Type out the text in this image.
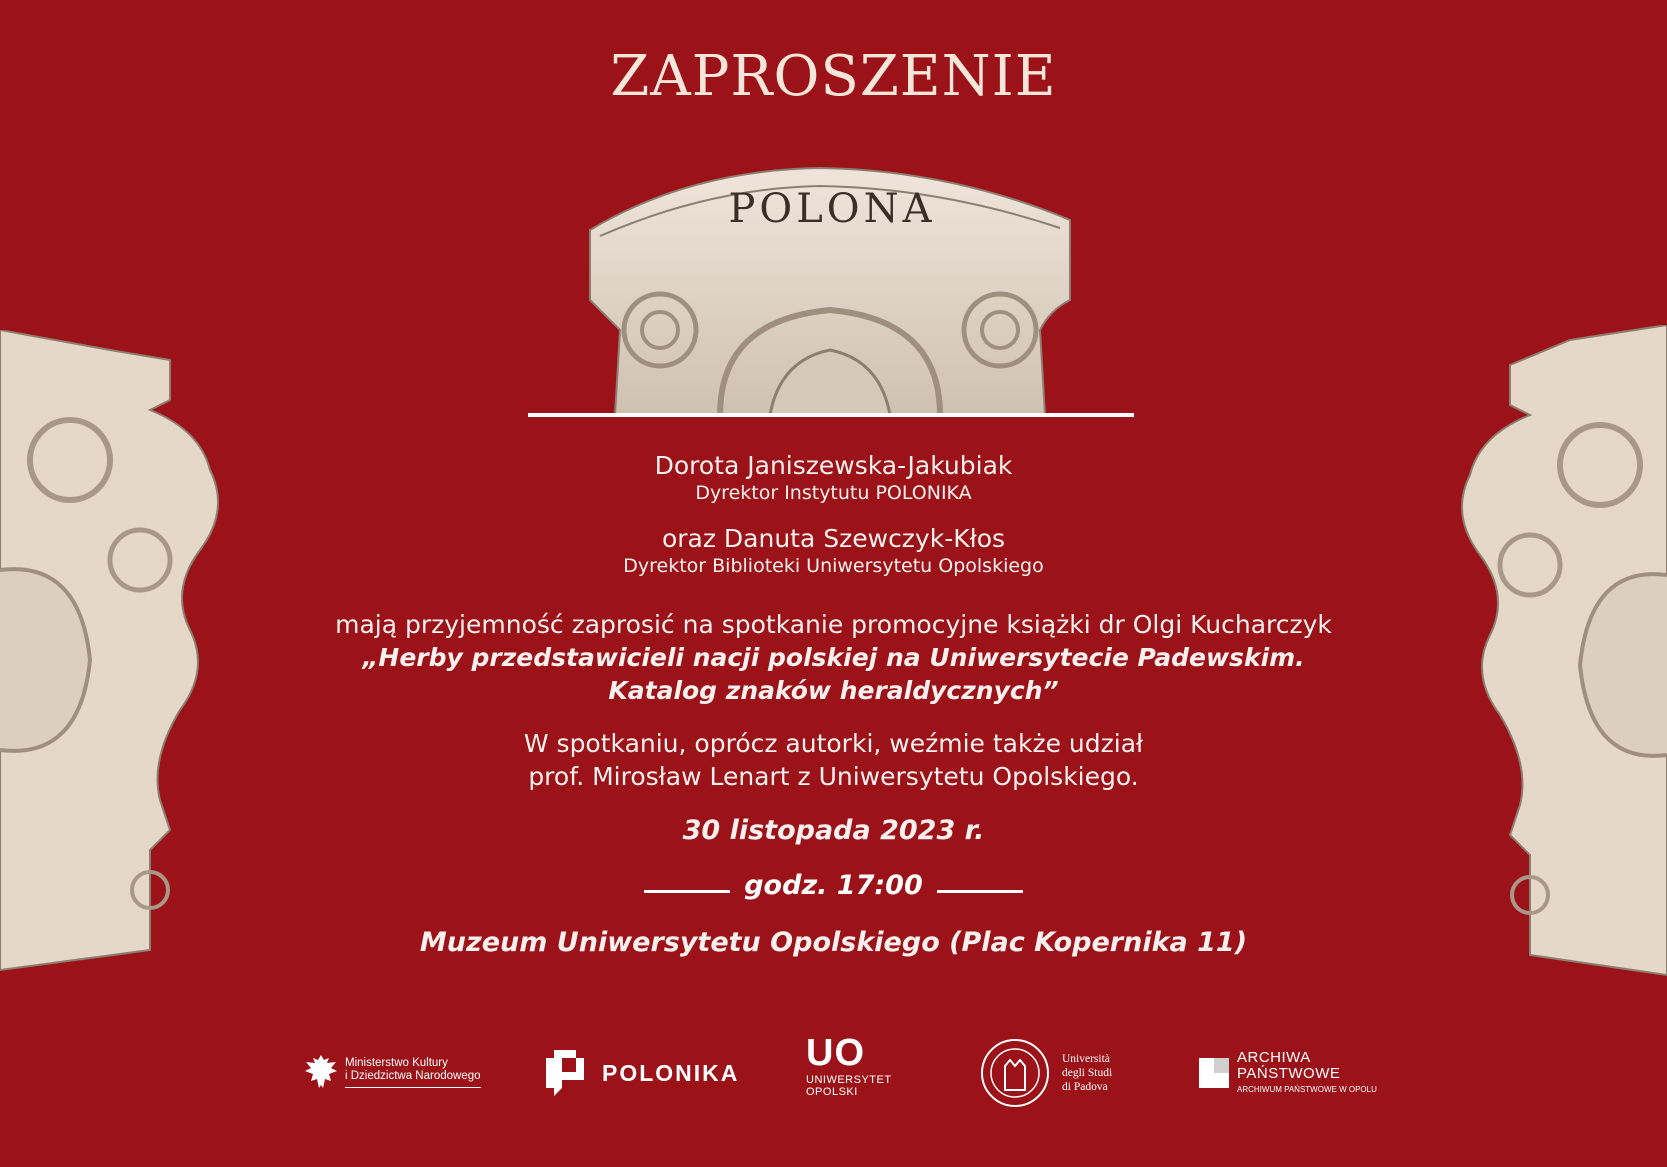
ZAPROSZENIE
POLONA
Dorota Janiszewska-Jakubiak
Dyrektor Instytutu POLONIKA
oraz Danuta Szewczyk-Kłos
Dyrektor Biblioteki Uniwersytetu Opolskiego
mają przyjemność zaprosić na spotkanie promocyjne książki dr Olgi Kucharczyk
„Herby przedstawicieli nacji polskiej na Uniwersytecie Padewskim.
Katalog znaków heraldycznych”
W spotkaniu, oprócz autorki, weźmie także udział
prof. Mirosław Lenart z Uniwersytetu Opolskiego.
30 listopada 2023 r.
godz. 17:00
Muzeum Uniwersytetu Opolskiego (Plac Kopernika 11)
Ministerstwo Kultury
i Dziedzictwa Narodowego	POLONIKA UO
UNIWERSYTET
OPOLSKI
Università
degli Studi
di Padova
ARCHIWA
PAŃSTWOWE
ARCHIWUM PAŃSTWOWE W OPOLU
